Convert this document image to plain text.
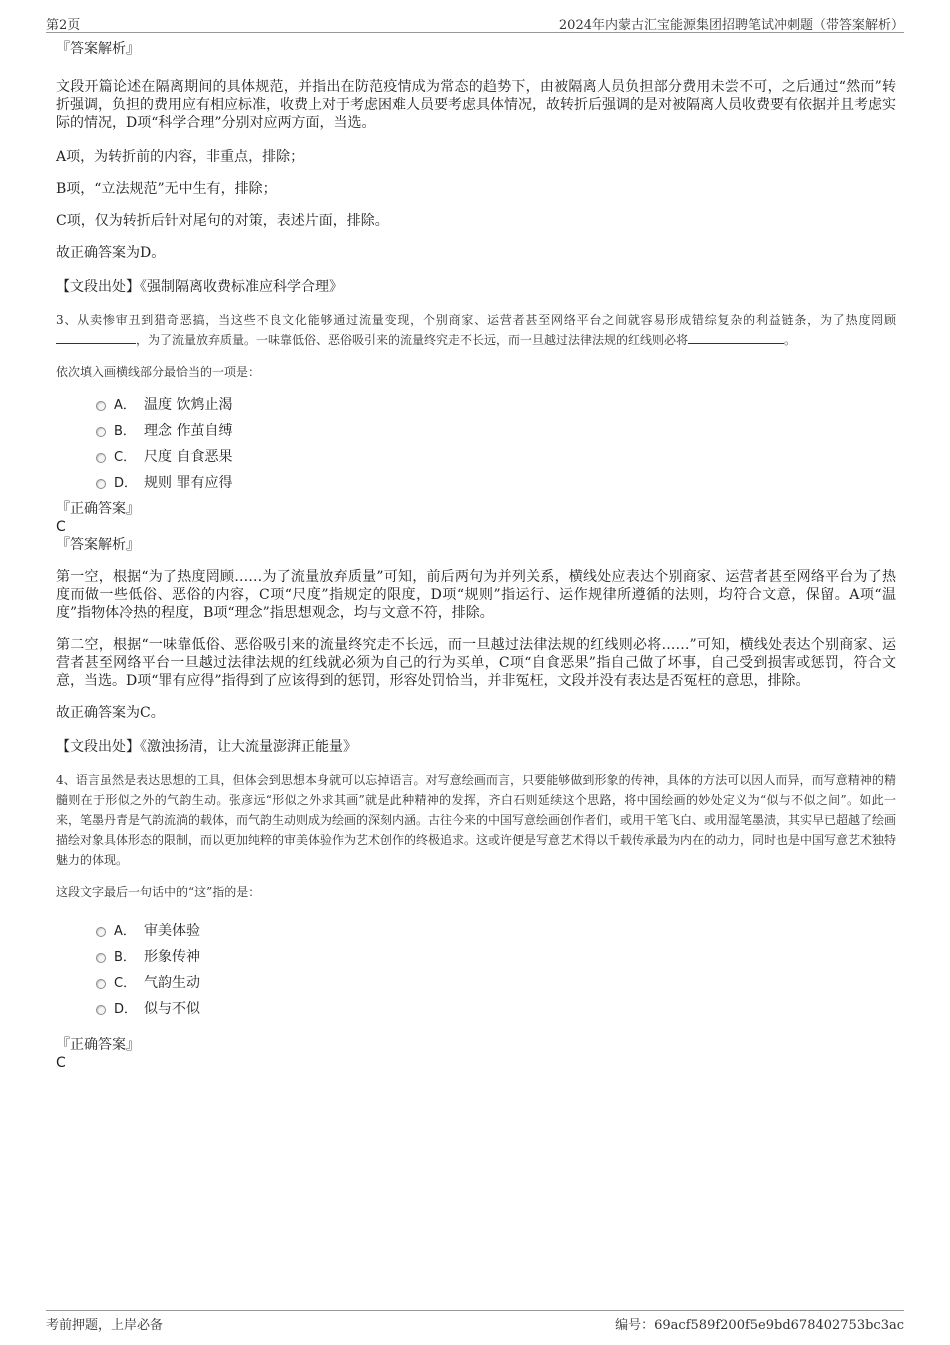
第2页	2024年内蒙古汇宝能源集团招聘笔试冲刺题（带答案解析）

『答案解析』

文段开篇论述在隔离期间的具体规范，并指出在防范疫情成为常态的趋势下，由被隔离人员负担部分费用未尝不可，之后通过“然而”转折强调，负担的费用应有相应标准，收费上对于考虑困难人员要考虑具体情况，故转折后强调的是对被隔离人员收费要有依据并且考虑实际的情况，D项“科学合理”分别对应两方面，当选。

A项，为转折前的内容，非重点，排除；

B项，“立法规范”无中生有，排除；

C项，仅为转折后针对尾句的对策，表述片面，排除。

故正确答案为D。

【文段出处】《强制隔离收费标准应科学合理》

3、从卖惨审丑到猎奇恶搞，当这些不良文化能够通过流量变现，个别商家、运营者甚至网络平台之间就容易形成错综复杂的利益链条，为了热度罔顾，为了流量放弃质量。一味靠低俗、恶俗吸引来的流量终究走不长远，而一旦越过法律法规的红线则必将	。

依次填入画横线部分最恰当的一项是：

A． 温度 饮鸩止渴
B． 理念 作茧自缚
C． 尺度 自食恶果
D． 规则 罪有应得

『正确答案』

C

『答案解析』

第一空，根据“为了热度罔顾……为了流量放弃质量”可知，前后两句为并列关系，横线处应表达个别商家、运营者甚至网络平台为了热度而做一些低俗、恶俗的内容，C项“尺度”指规定的限度，D项“规则”指运行、运作规律所遵循的法则，均符合文意，保留。A项“温度”指物体冷热的程度，B项“理念”指思想观念，均与文意不符，排除。

第二空，根据“一味靠低俗、恶俗吸引来的流量终究走不长远，而一旦越过法律法规的红线则必将……”可知，横线处表达个别商家、运营者甚至网络平台一旦越过法律法规的红线就必须为自己的行为买单，C项“自食恶果”指自己做了坏事，自己受到损害或惩罚，符合文意，当选。D项“罪有应得”指得到了应该得到的惩罚，形容处罚恰当，并非冤枉，文段并没有表达是否冤枉的意思，排除。

故正确答案为C。

【文段出处】《激浊扬清，让大流量澎湃正能量》

4、语言虽然是表达思想的工具，但体会到思想本身就可以忘掉语言。对写意绘画而言，只要能够做到形象的传神，具体的方法可以因人而异，而写意精神的精髓则在于形似之外的气韵生动。张彦远“形似之外求其画”就是此种精神的发挥，齐白石则延续这个思路，将中国绘画的妙处定义为“似与不似之间”。如此一来，笔墨丹青是气韵流淌的载体，而气韵生动则成为绘画的深刻内涵。古往今来的中国写意绘画创作者们，或用干笔飞白、或用湿笔墨渍，其实早已超越了绘画描绘对象具体形态的限制，而以更加纯粹的审美体验作为艺术创作的终极追求。这或许便是写意艺术得以千载传承最为内在的动力，同时也是中国写意艺术独特魅力的体现。

这段文字最后一句话中的“这”指的是：

A． 审美体验
B． 形象传神
C． 气韵生动
D． 似与不似

『正确答案』

C

考前押题，上岸必备	编号：69acf589f200f5e9bd678402753bc3ac
